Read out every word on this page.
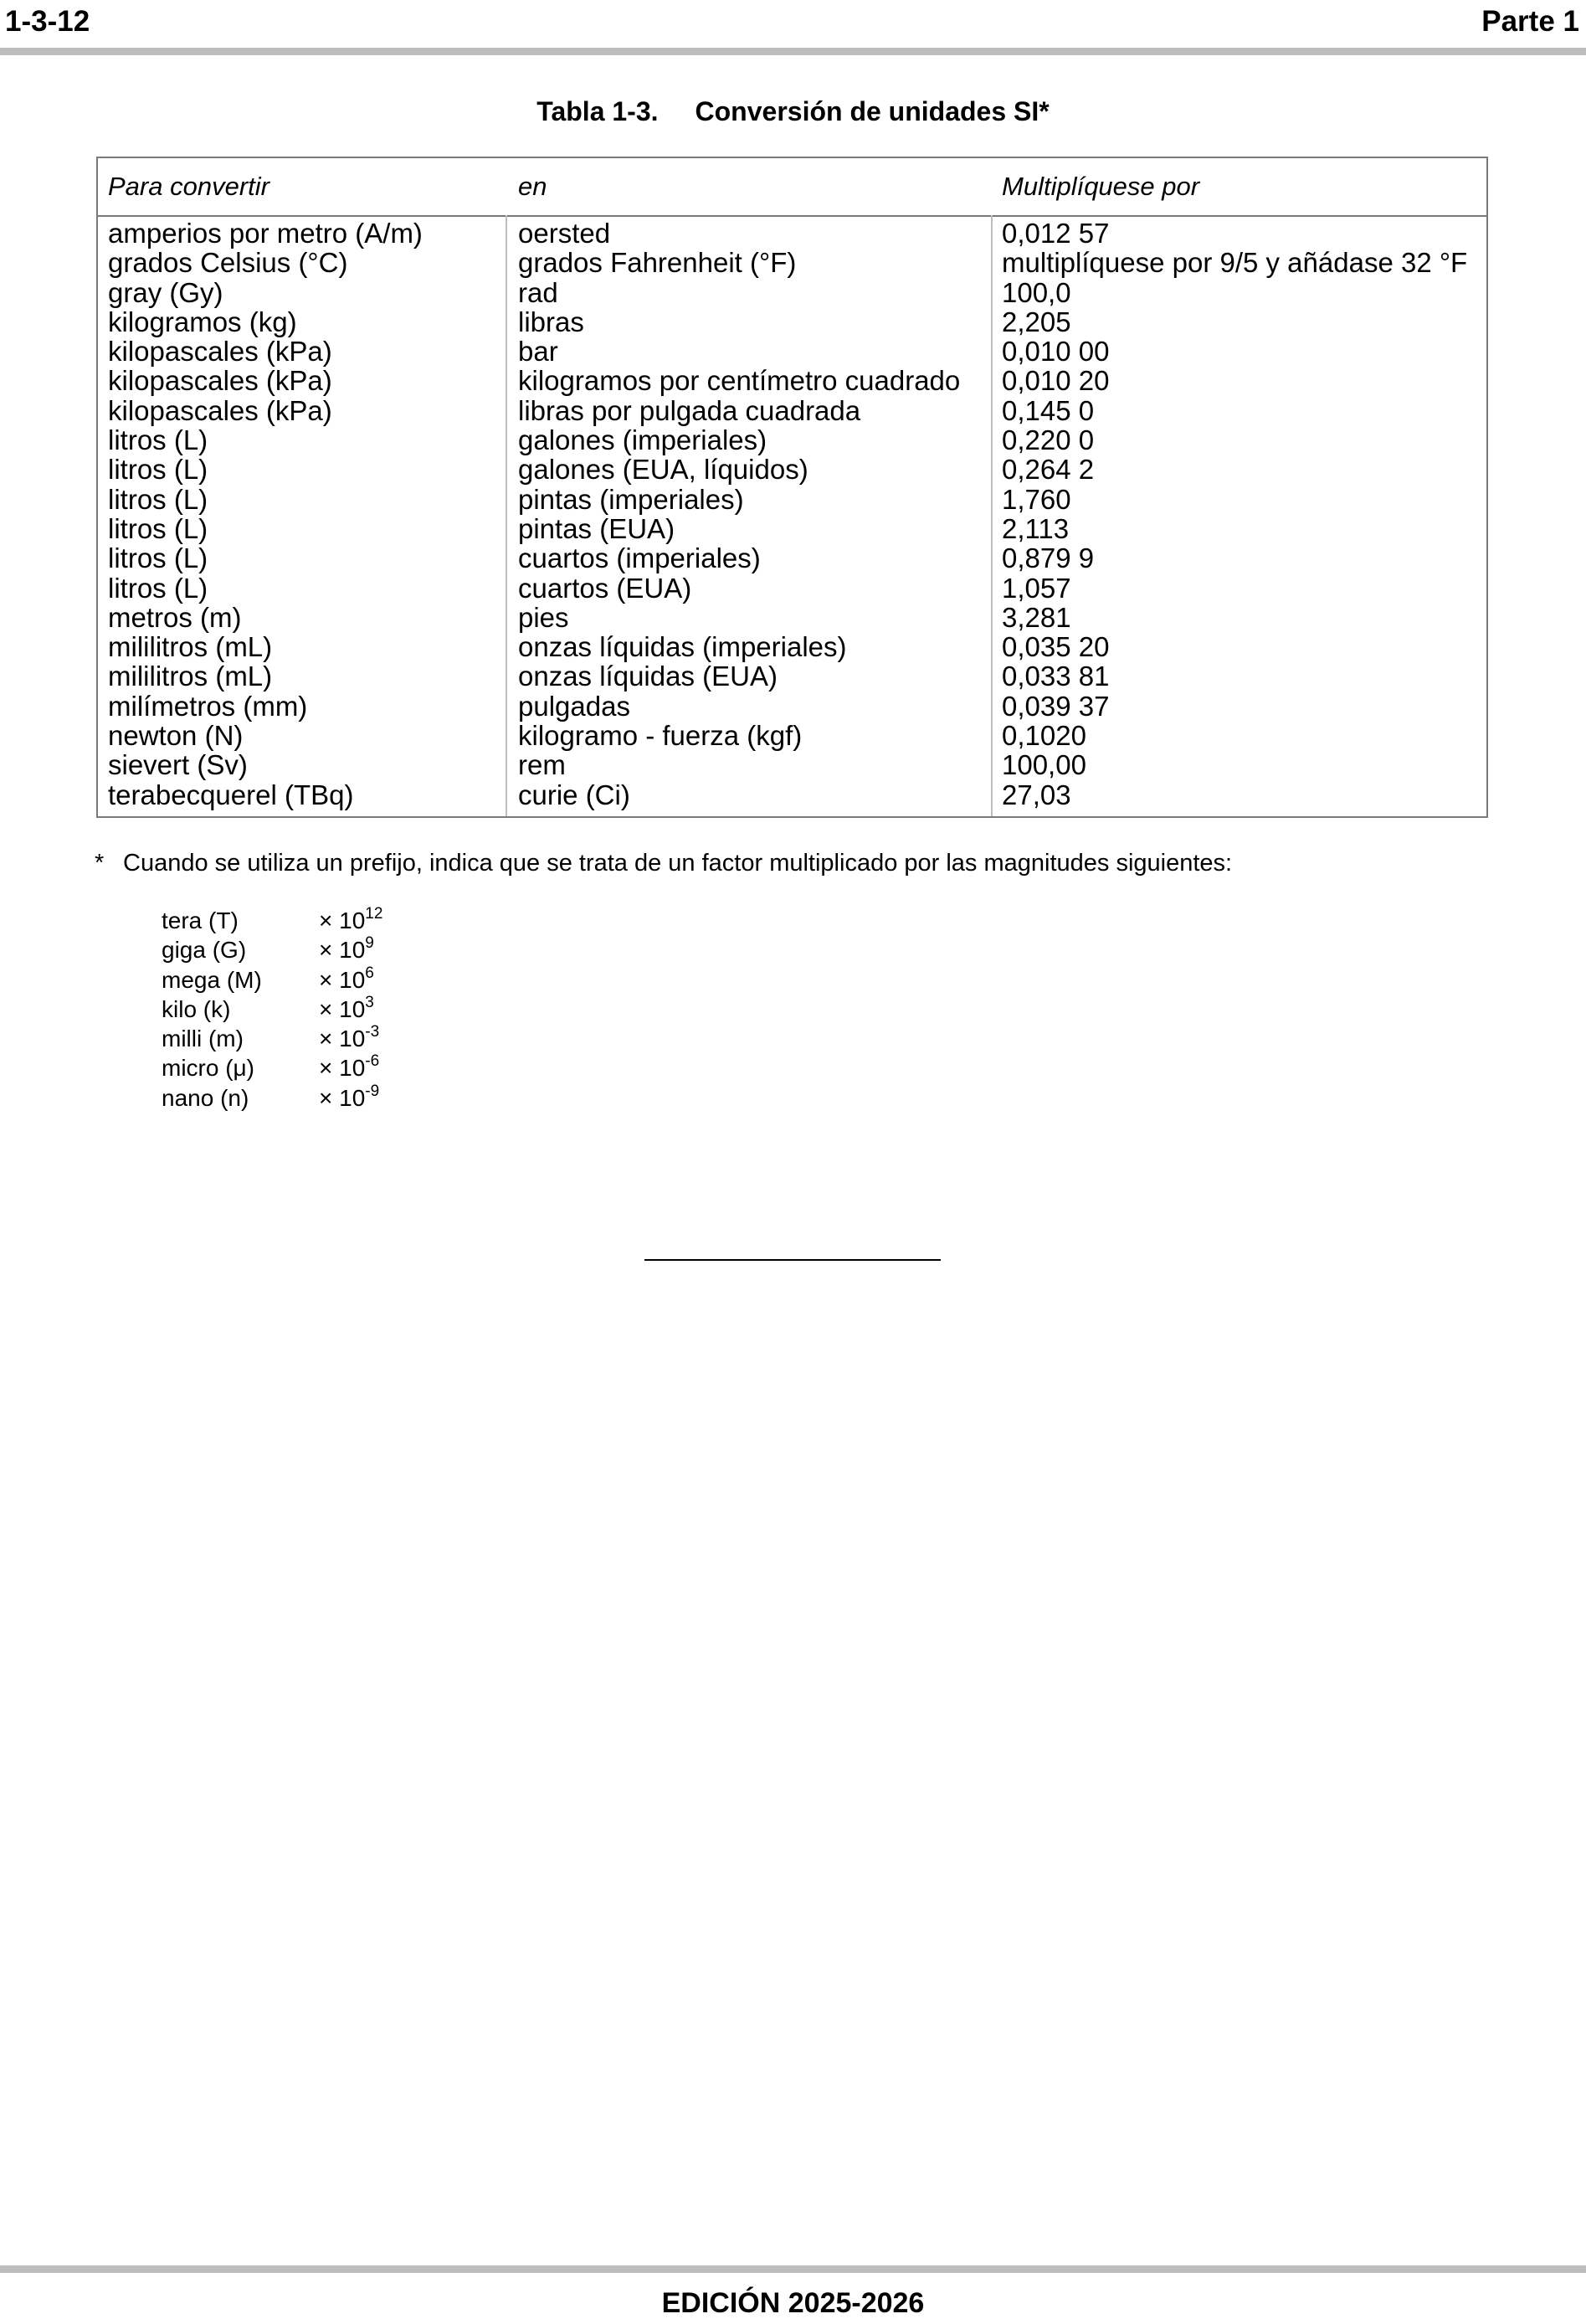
1-3-12	Parte 1
Tabla 1-3. Conversión de unidades SI*
Para convertir	en	Multiplíquese por
amperios por metro (A/m)	oersted	0,012 57
grados Celsius (°C)	grados Fahrenheit (°F)	multiplíquese por 9/5 y añádase 32 °F
gray (Gy)	rad	100,0
kilogramos (kg)	libras	2,205
kilopascales (kPa)	bar	0,010 00
kilopascales (kPa)	kilogramos por centímetro cuadrado 0,010 20
kilopascales (kPa)	libras por pulgada cuadrada	0,145 0
litros (L)	galones (imperiales)	0,220 0
litros (L)	galones (EUA, líquidos)	0,264 2
litros (L)	pintas (imperiales)	1,760
litros (L)	pintas (EUA)	2,113
litros (L)	cuartos (imperiales)	0,879 9
litros (L)	cuartos (EUA)	1,057
metros (m)	pies	3,281
mililitros (mL)	onzas líquidas (imperiales)	0,035 20
mililitros (mL)	onzas líquidas (EUA)	0,033 81
milímetros (mm)	pulgadas	0,039 37
newton (N)	kilogramo - fuerza (kgf)	0,1020
sievert (Sv)	rem	100,00
terabecquerel (TBq)	curie (Ci)	27,03
* Cuando se utiliza un prefijo, indica que se trata de un factor multiplicado por las magnitudes siguientes:
tera (T)	× $10^{12}$
giga (G)	× $10^9$
mega $(M) \times 10^6$
kilo (k)	× $10^3$
milli (m)	× $10^{-3}$
micro (μ)	× $10^{-6}$
nano (n)	× $10^{-9}$
EDICIÓN 2025-2026
